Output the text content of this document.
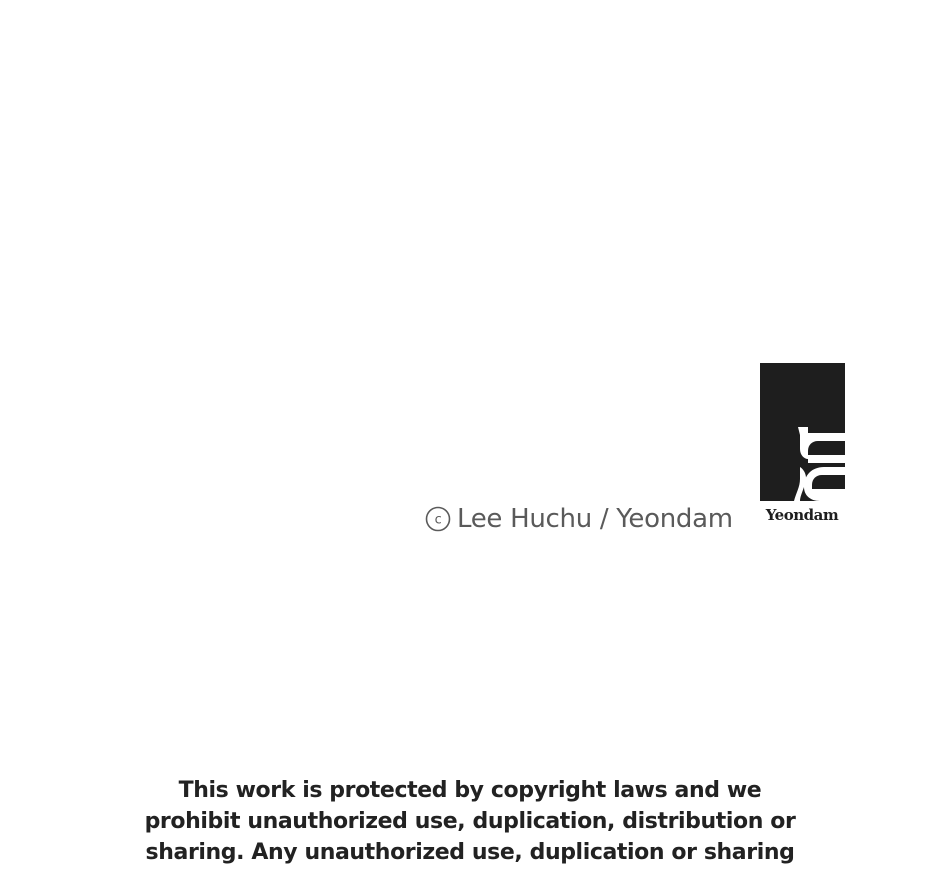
c Lee Huchu / Yeondam	Yeondam
This work is protected by copyright laws and we
prohibit unauthorized use, duplication, distribution or
sharing. Any unauthorized use, duplication or sharing
